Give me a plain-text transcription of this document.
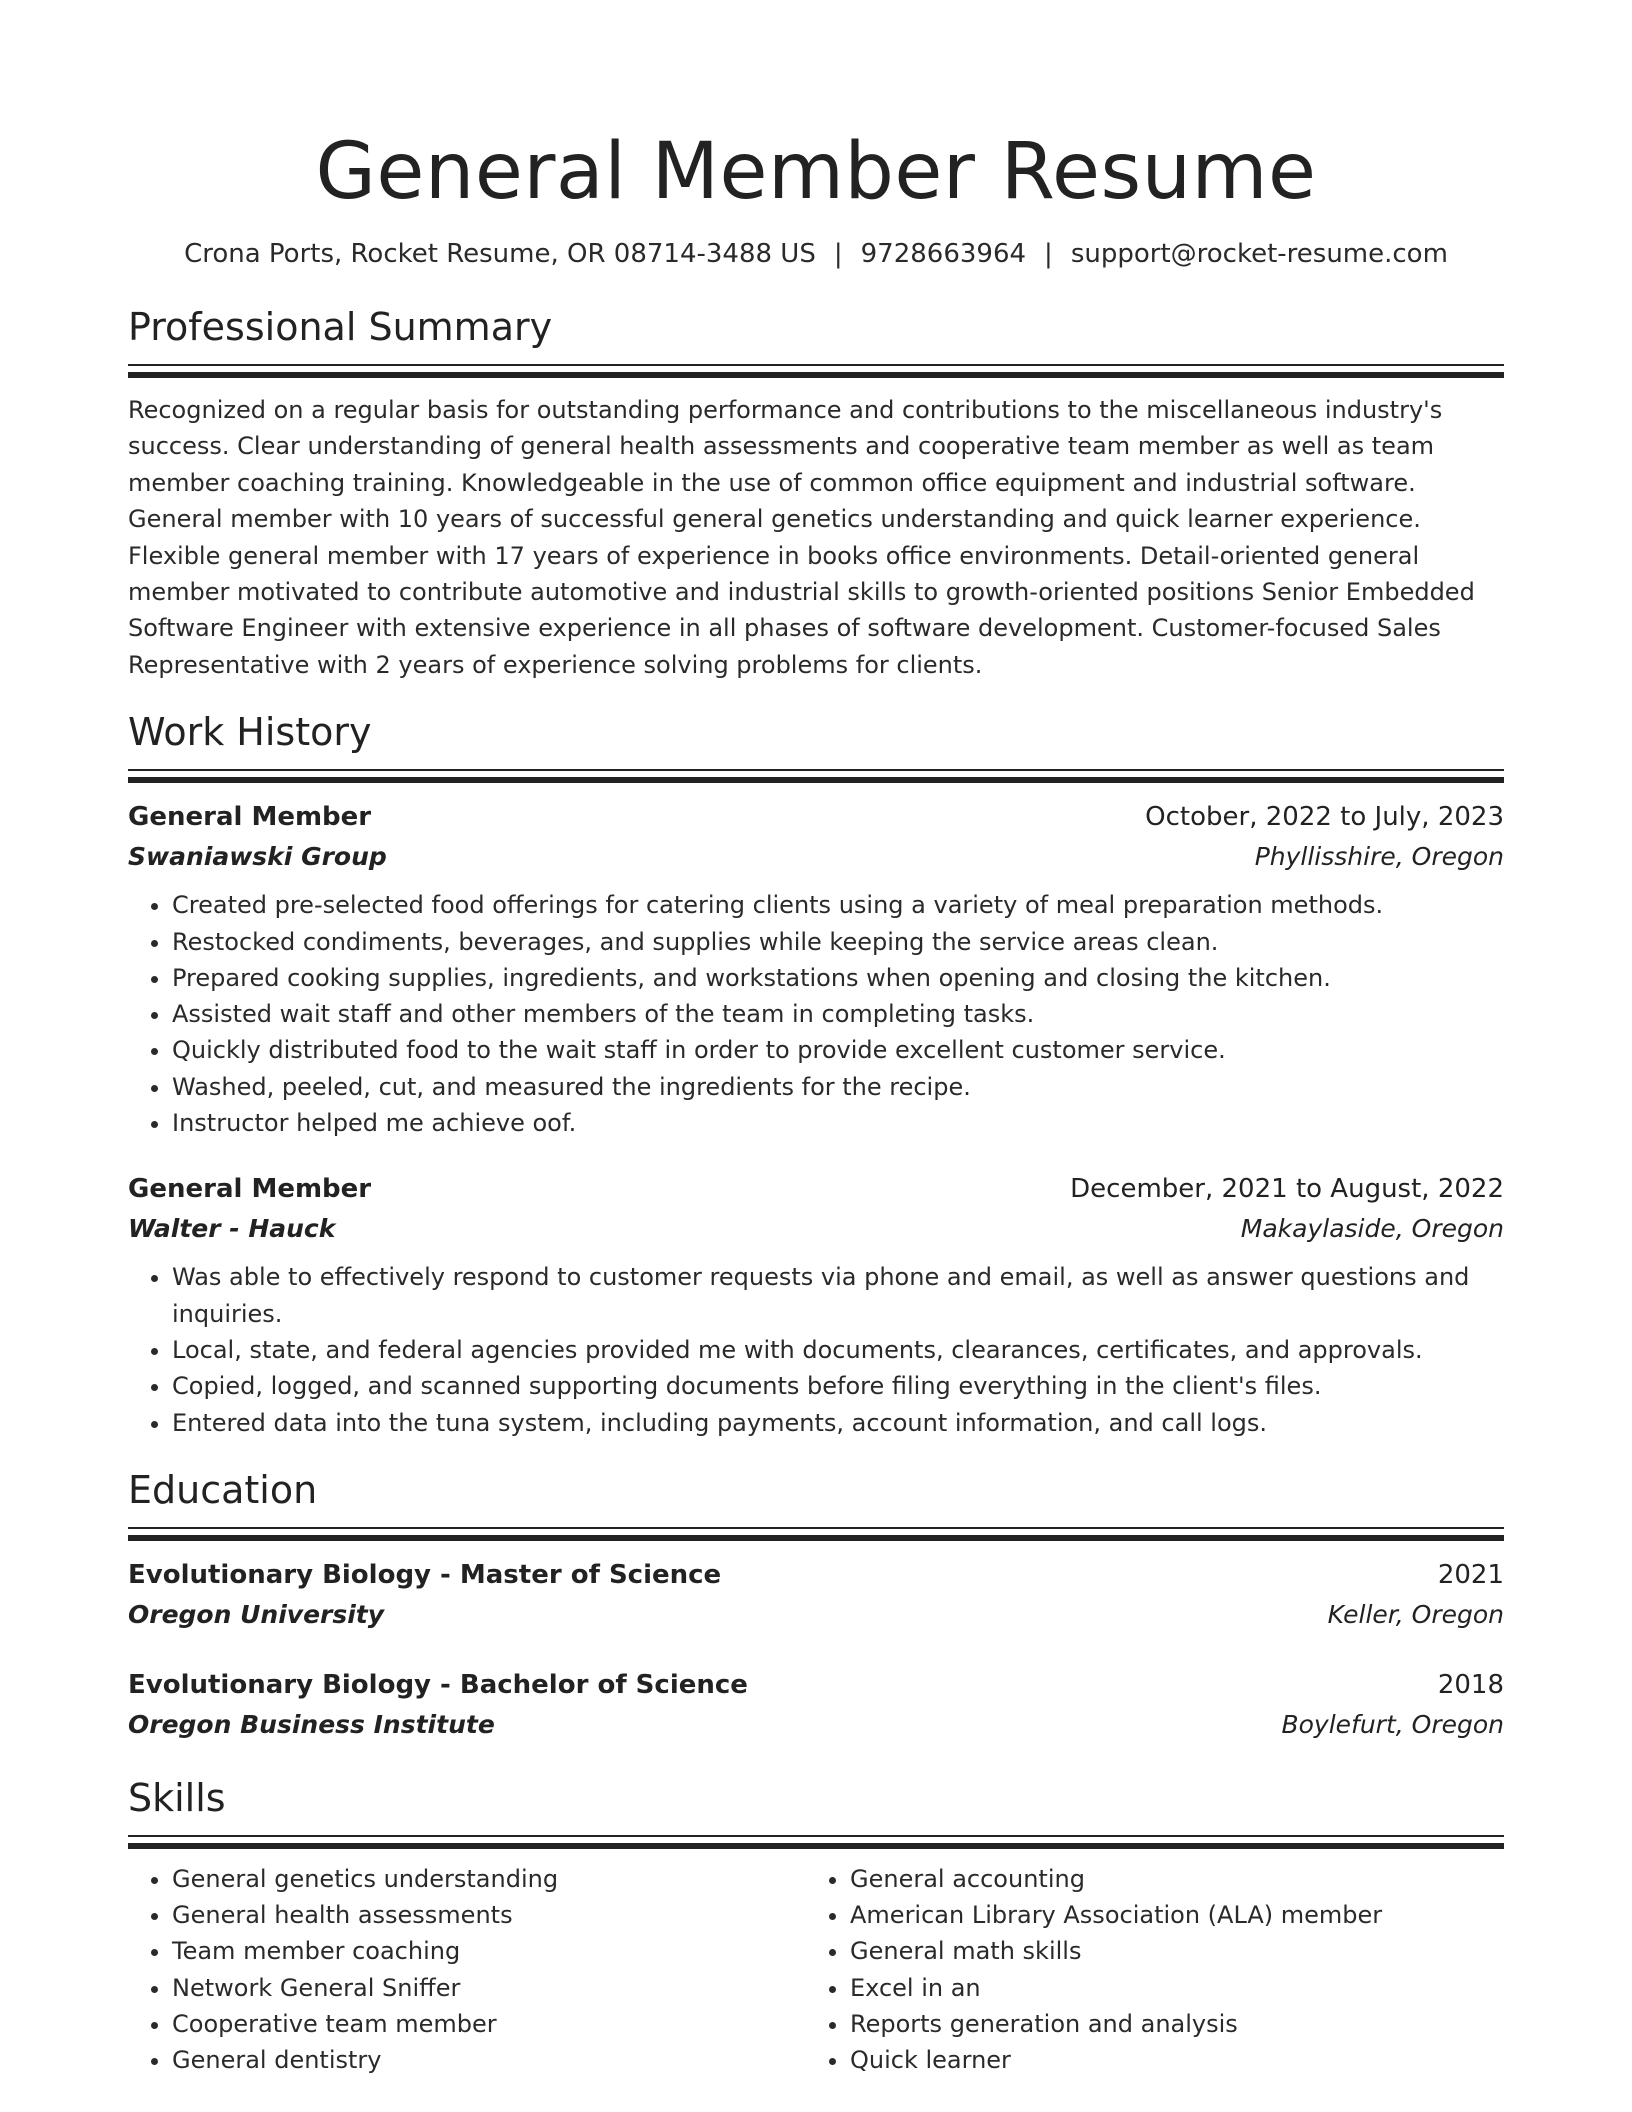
General Member Resume
Crona Ports, Rocket Resume, OR 08714-3488 US | 9728663964 | support@rocket-resume.com
Professional Summary
Recognized on a regular basis for outstanding performance and contributions to the miscellaneous industry's success. Clear understanding of general health assessments and cooperative team member as well as team member coaching training. Knowledgeable in the use of common office equipment and industrial software. General member with 10 years of successful general genetics understanding and quick learner experience. Flexible general member with 17 years of experience in books office environments. Detail-oriented general member motivated to contribute automotive and industrial skills to growth-oriented positions Senior Embedded Software Engineer with extensive experience in all phases of software development. Customer-focused Sales Representative with 2 years of experience solving problems for clients.
Work History
General Member	October, 2022 to July, 2023
Swaniawski Group	Phyllisshire, Oregon
• Created pre-selected food offerings for catering clients using a variety of meal preparation methods.
• Restocked condiments, beverages, and supplies while keeping the service areas clean.
• Prepared cooking supplies, ingredients, and workstations when opening and closing the kitchen.
• Assisted wait staff and other members of the team in completing tasks.
• Quickly distributed food to the wait staff in order to provide excellent customer service.
• Washed, peeled, cut, and measured the ingredients for the recipe.
• Instructor helped me achieve oof.
General Member	December, 2021 to August, 2022
Walter - Hauck	Makaylaside, Oregon
• Was able to effectively respond to customer requests via phone and email, as well as answer questions and inquiries.
• Local, state, and federal agencies provided me with documents, clearances, certificates, and approvals.
• Copied, logged, and scanned supporting documents before filing everything in the client's files.
• Entered data into the tuna system, including payments, account information, and call logs.
Education
Evolutionary Biology - Master of Science	2021
Oregon University	Keller, Oregon
Evolutionary Biology - Bachelor of Science	2018
Oregon Business Institute	Boylefurt, Oregon
Skills
• General genetics understanding
• General health assessments
• Team member coaching
• Network General Sniffer
• Cooperative team member
• General dentistry
• General accounting
• American Library Association (ALA) member
• General math skills
• Excel in an
• Reports generation and analysis
• Quick learner
